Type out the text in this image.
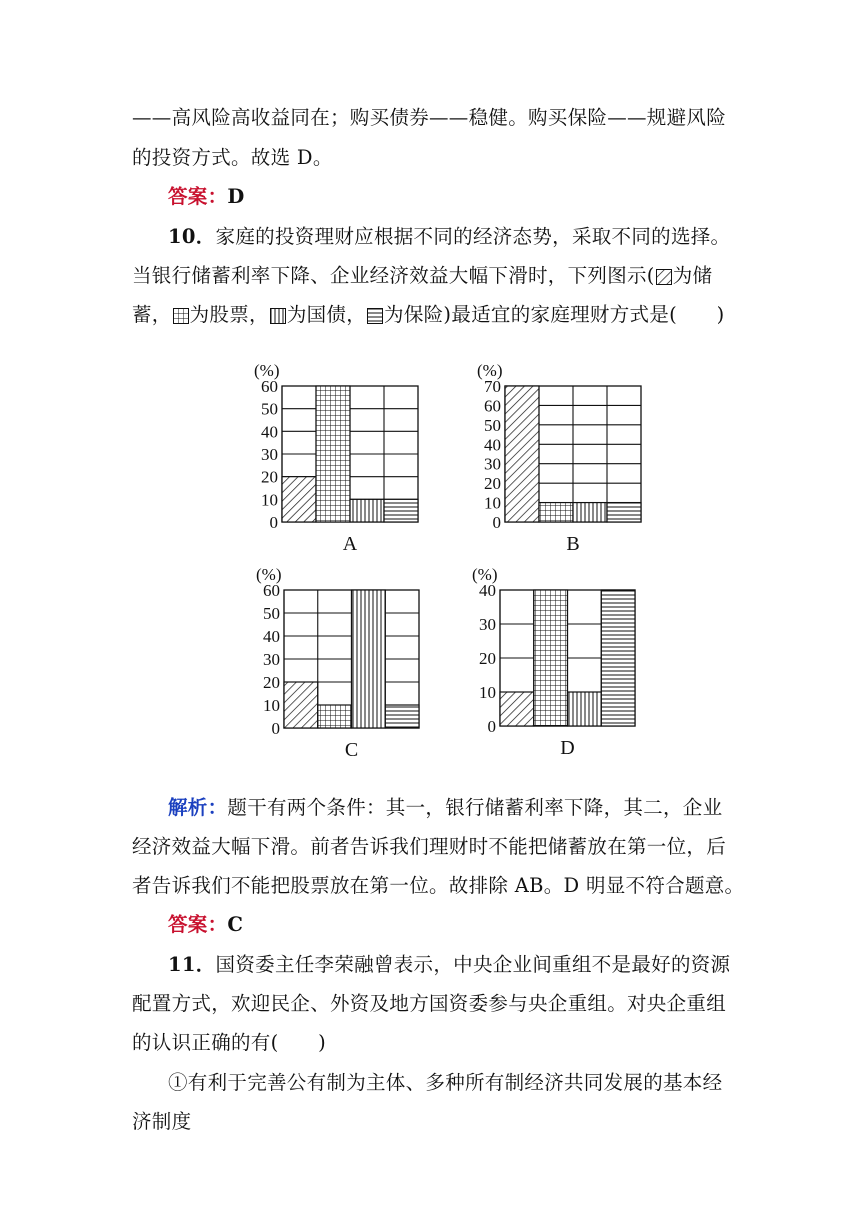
——高风险高收益同在；购买债券——稳健。购买保险——规避风险
的投资方式。故选 D。
答案：D
10．家庭的投资理财应根据不同的经济态势，采取不同的选择。
当银行储蓄利率下降、企业经济效益大幅下滑时，下列图示( 为储
蓄， 为股票， 为国债， 为保险)最适宜的家庭理财方式是(　　)
0
10
20
30
40
50
60
(%)
A
0
10
20
30
40
50
60
70
(%)
B
0
10
20
30
40
50
60
(%)
C
0
10
20
30
40
(%)
D
解析：题干有两个条件：其一，银行储蓄利率下降，其二，企业
经济效益大幅下滑。前者告诉我们理财时不能把储蓄放在第一位，后
者告诉我们不能把股票放在第一位。故排除 AB。D 明显不符合题意。
答案：C
11．国资委主任李荣融曾表示，中央企业间重组不是最好的资源
配置方式，欢迎民企、外资及地方国资委参与央企重组。对央企重组
的认识正确的有(　　)
①有利于完善公有制为主体、多种所有制经济共同发展的基本经
济制度
